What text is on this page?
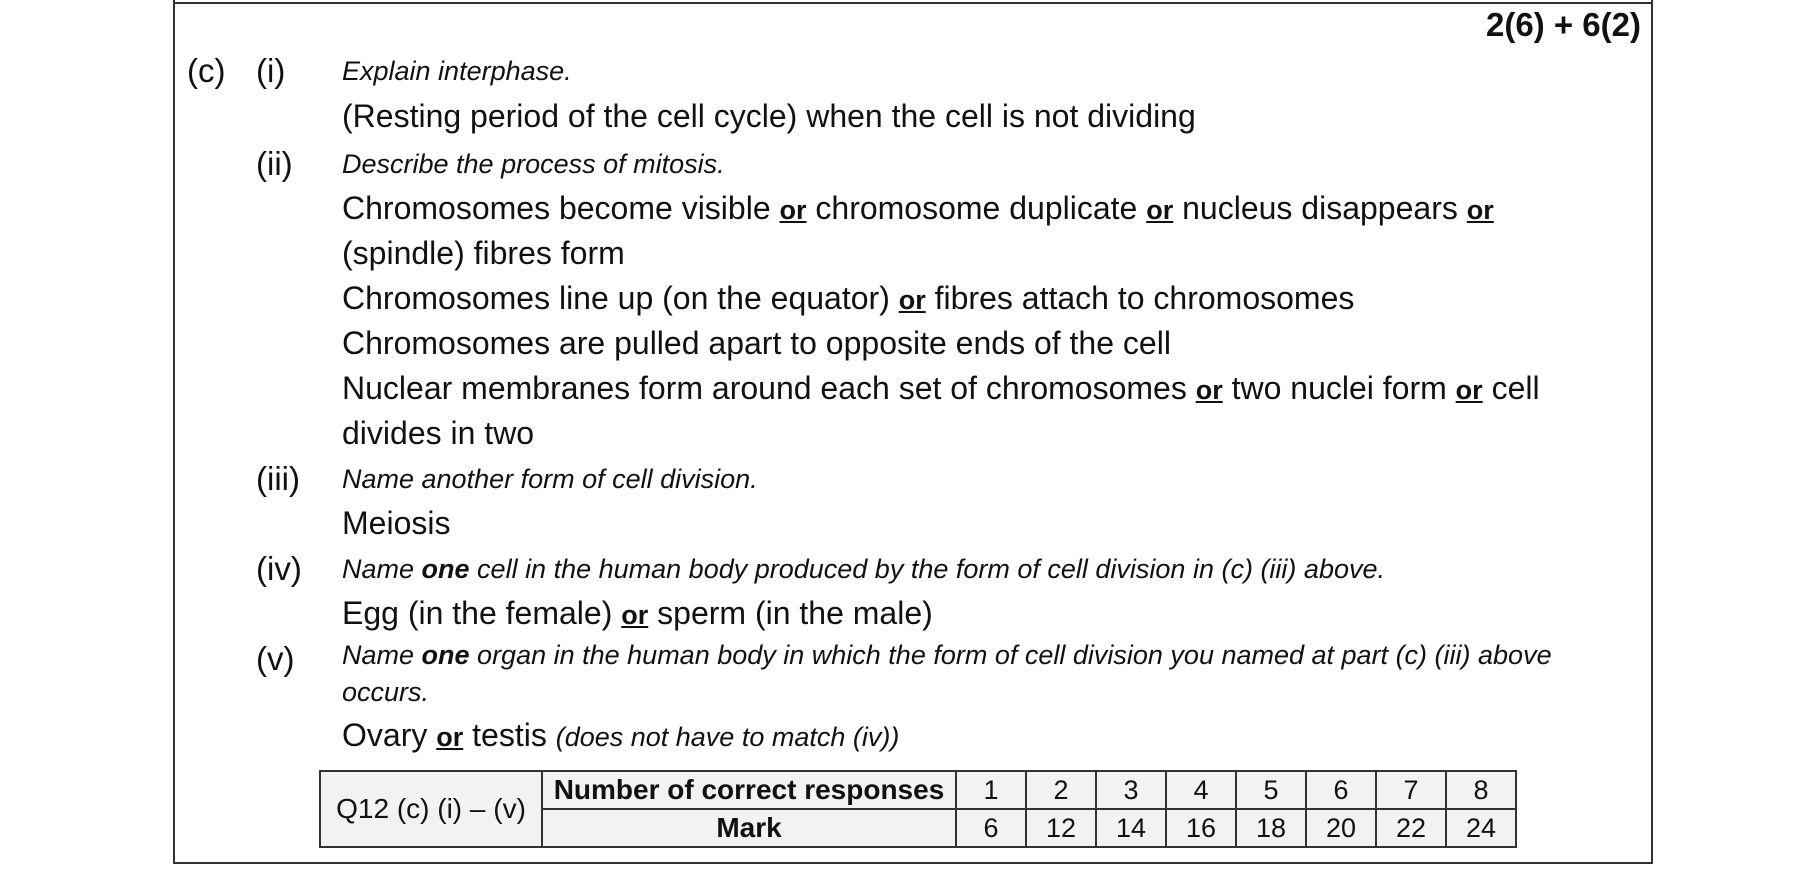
2(6) + 6(2)
(c) (i) Explain interphase.
(Resting period of the cell cycle) when the cell is not dividing
(ii) Describe the process of mitosis.
Chromosomes become visible or chromosome duplicate or nucleus disappears or
(spindle) fibres form
Chromosomes line up (on the equator) or fibres attach to chromosomes
Chromosomes are pulled apart to opposite ends of the cell
Nuclear membranes form around each set of chromosomes or two nuclei form or cell
divides in two
(iii) Name another form of cell division.
Meiosis
(iv) Name one cell in the human body produced by the form of cell division in (c) (iii) above.
Egg (in the female) or sperm (in the male)
(v) Name one organ in the human body in which the form of cell division you named at part (c) (iii) above
occurs.
Ovary or testis (does not have to match (iv))
Q12 (c) (i) – (v)	Number of correct responses	1	2	3	4	5	6	7	8
	Mark	6	12	14	16	18	20	22	24
